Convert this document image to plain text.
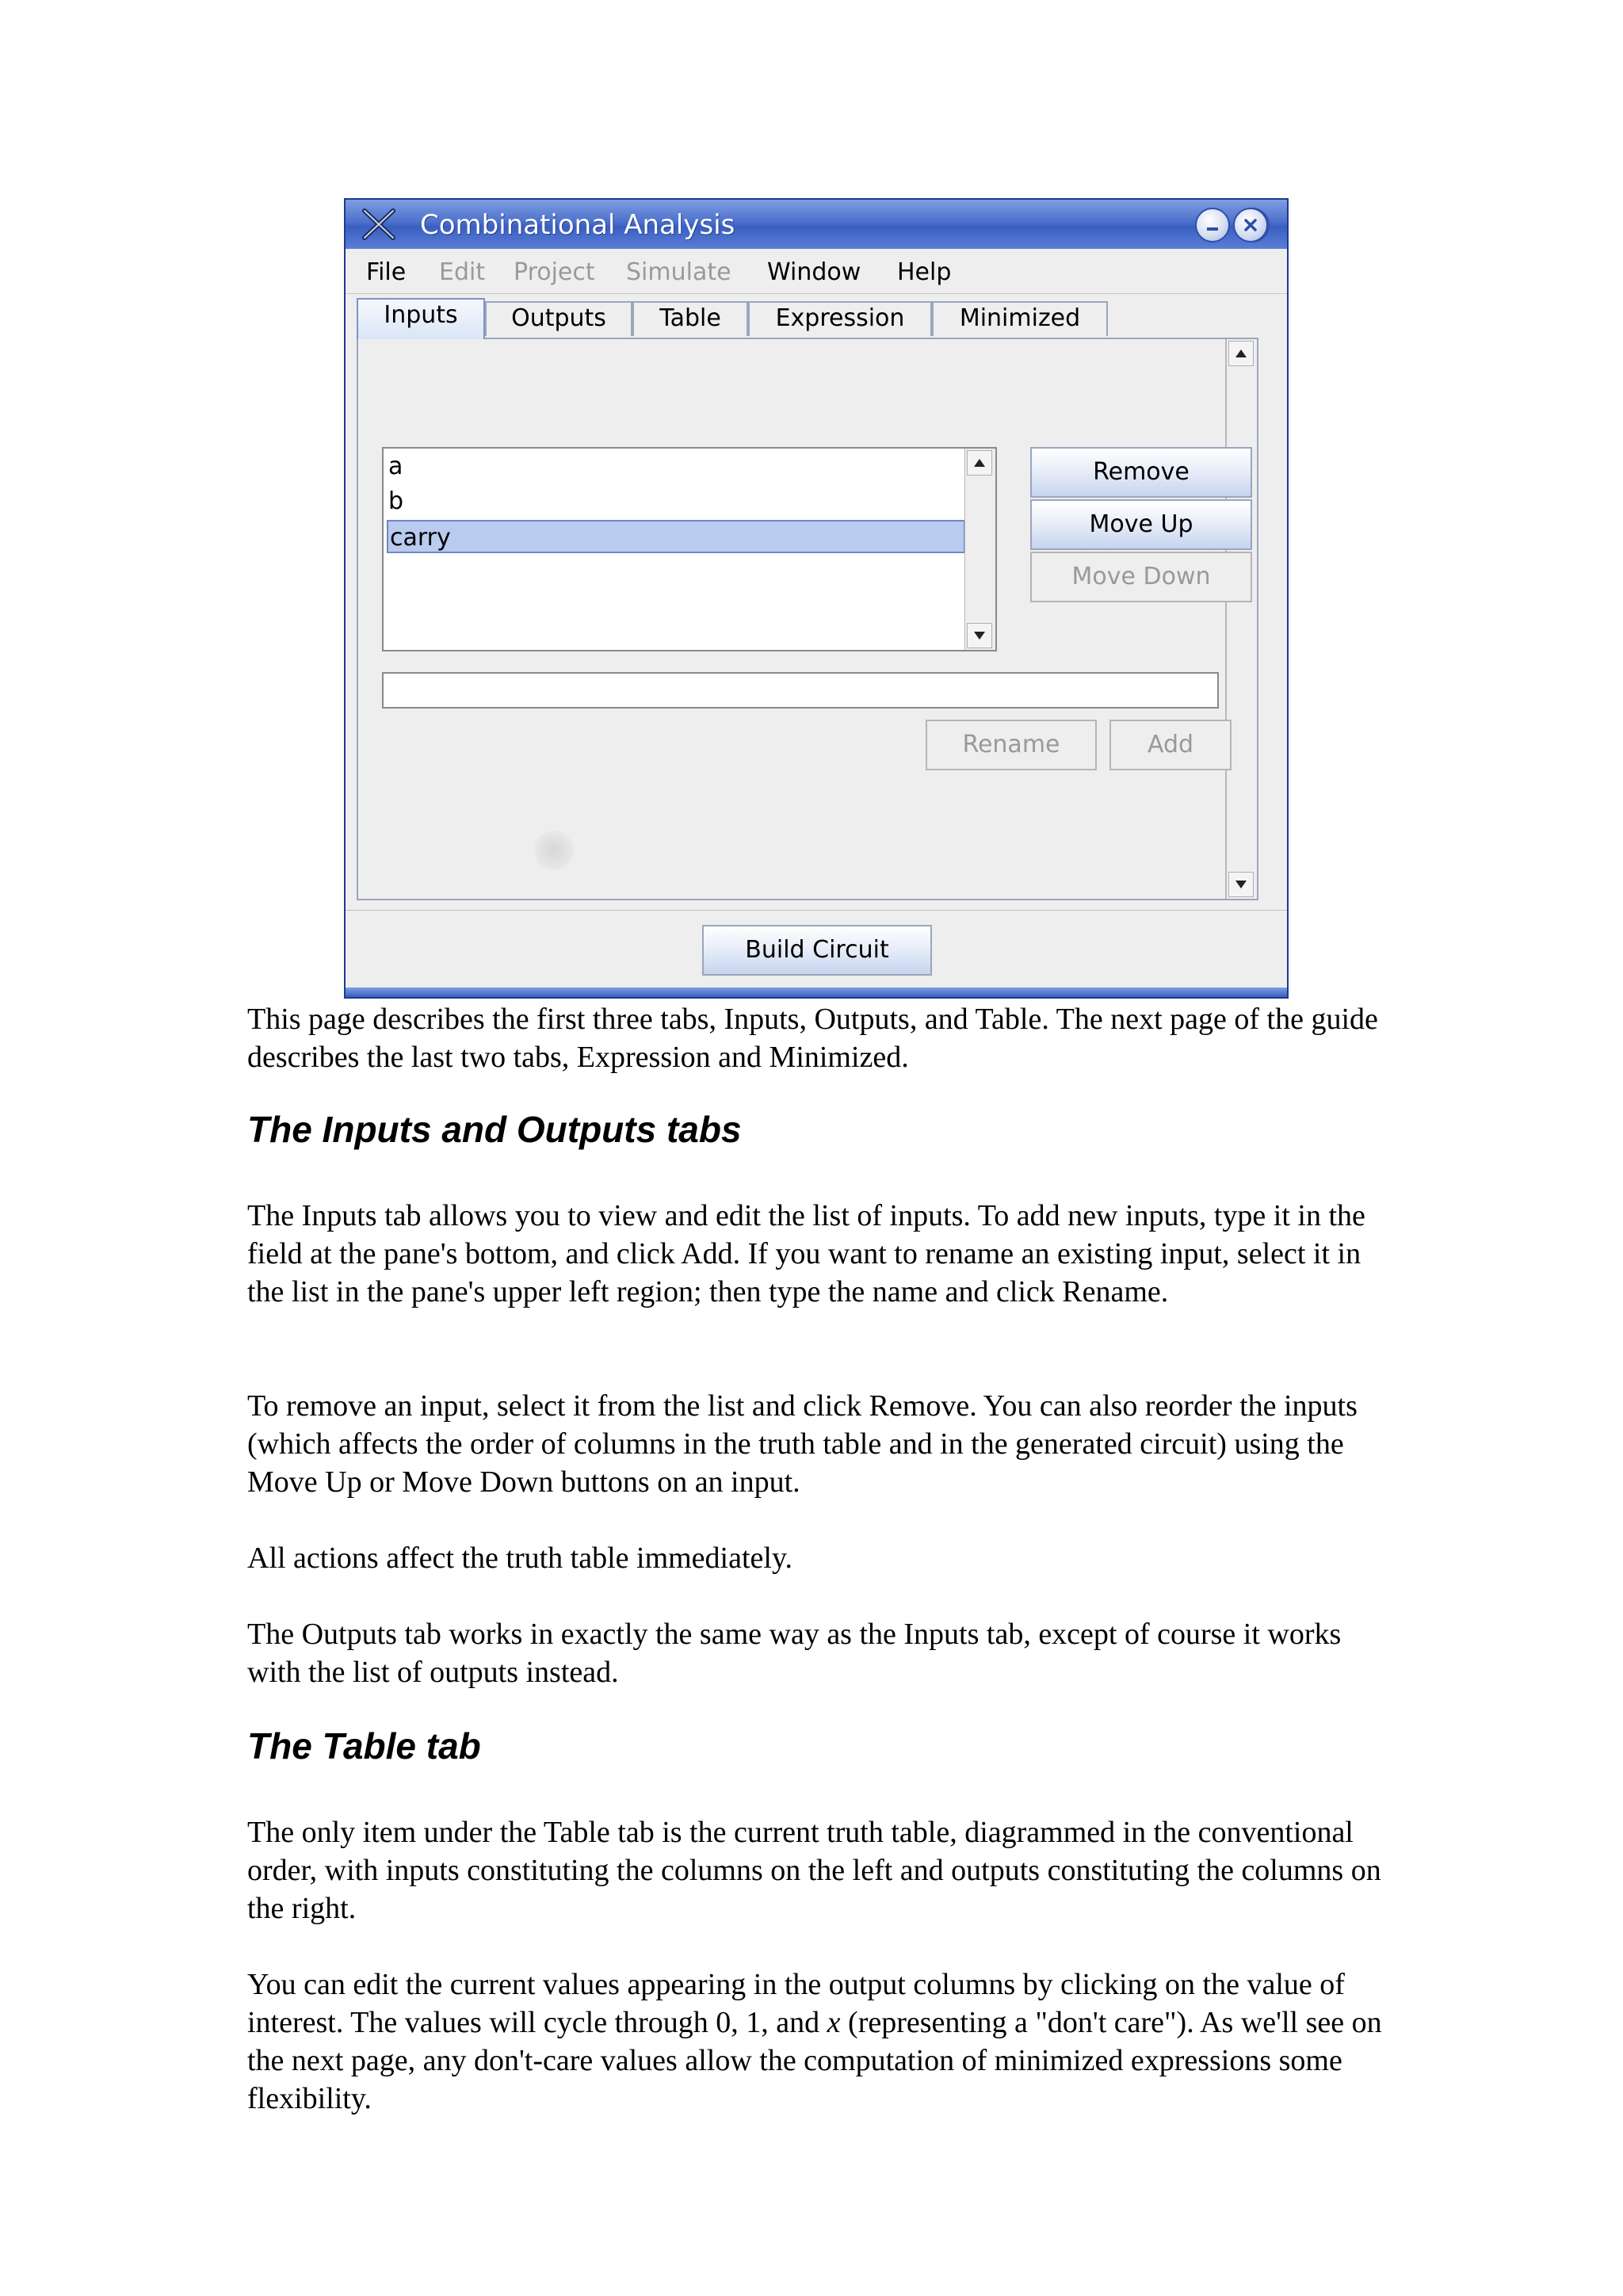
Combinational Analysis
File Edit Project Simulate Window Help
Inputs	Outputs	Table	Expression	Minimized
a
b
carry
Remove
Move Up
Move Down
Rename	Add
Build Circuit

This page describes the first three tabs, Inputs, Outputs, and Table. The next page of the guide describes the last two tabs, Expression and Minimized.

The Inputs and Outputs tabs

The Inputs tab allows you to view and edit the list of inputs. To add new inputs, type it in the field at the pane's bottom, and click Add. If you want to rename an existing input, select it in the list in the pane's upper left region; then type the name and click Rename.

To remove an input, select it from the list and click Remove. You can also reorder the inputs (which affects the order of columns in the truth table and in the generated circuit) using the Move Up or Move Down buttons on an input.

All actions affect the truth table immediately.

The Outputs tab works in exactly the same way as the Inputs tab, except of course it works with the list of outputs instead.

The Table tab

The only item under the Table tab is the current truth table, diagrammed in the conventional order, with inputs constituting the columns on the left and outputs constituting the columns on the right.

You can edit the current values appearing in the output columns by clicking on the value of interest. The values will cycle through 0, 1, and x (representing a "don't care"). As we'll see on the next page, any don't-care values allow the computation of minimized expressions some flexibility.
